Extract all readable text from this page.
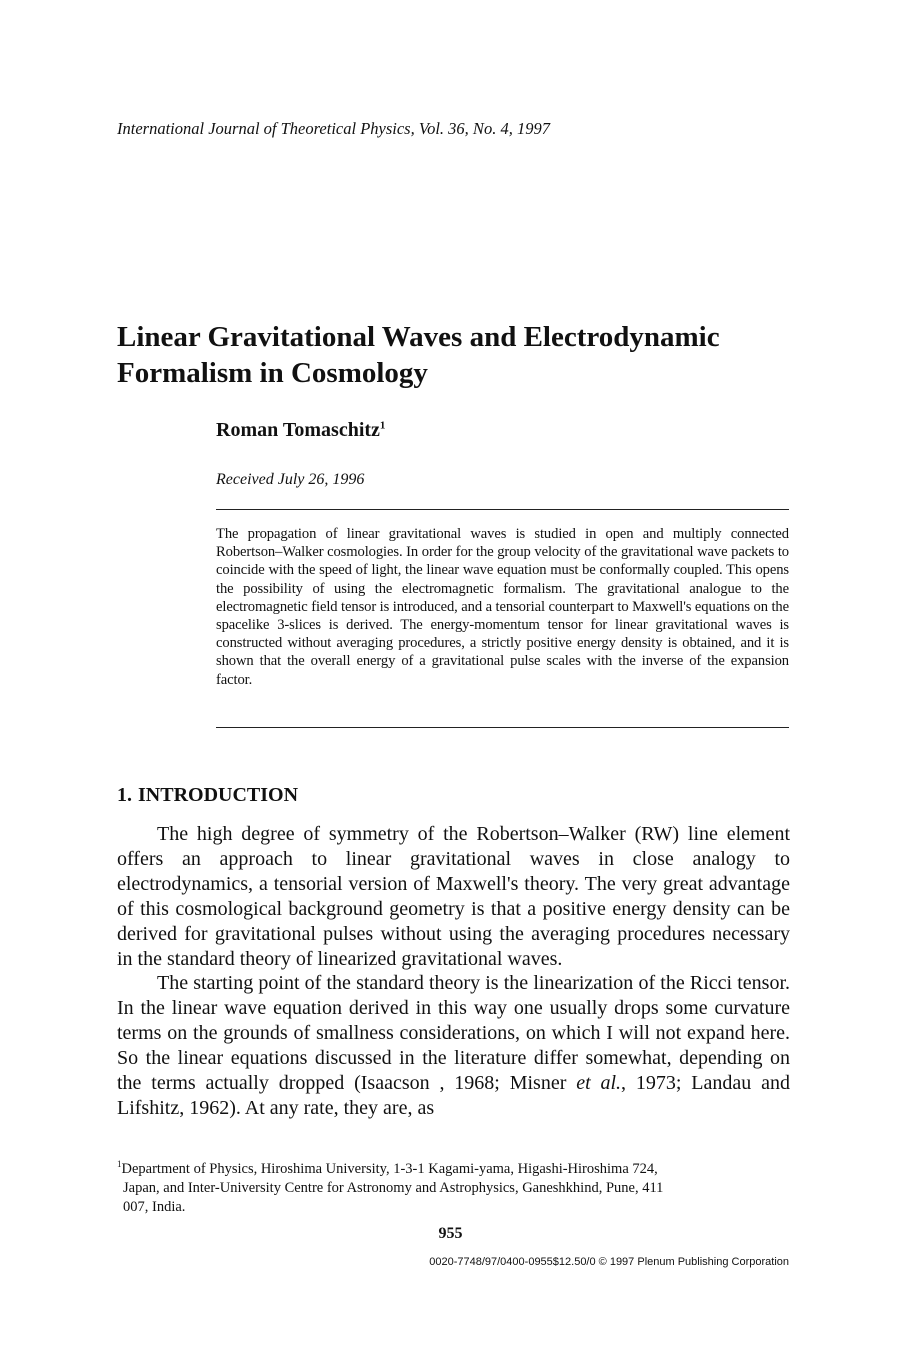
International Journal of Theoretical Physics, Vol. 36, No. 4, 1997
Linear Gravitational Waves and Electrodynamic
Formalism in Cosmology
Roman Tomaschitz$^1$
Received July 26, 1996
The propagation of linear gravitational waves is studied in open and multiply connected Robertson–Walker cosmologies. In order for the group velocity of the gravitational wave packets to coincide with the speed of light, the linear wave equation must be conformally coupled. This opens the possibility of using the electromagnetic formalism. The gravitational analogue to the electromagnetic field tensor is introduced, and a tensorial counterpart to Maxwell's equations on the spacelike 3-slices is derived. The energy-momentum tensor for linear gravitational waves is constructed without averaging procedures, a strictly positive energy density is obtained, and it is shown that the overall energy of a gravitational pulse scales with the inverse of the expansion factor.
1. INTRODUCTION

The high degree of symmetry of the Robertson–Walker (RW) line element offers an approach to linear gravitational waves in close analogy to electrodynamics, a tensorial version of Maxwell's theory. The very great advantage of this cosmological background geometry is that a positive energy density can be derived for gravitational pulses without using the averaging procedures necessary in the standard theory of linearized gravitational waves.

The starting point of the standard theory is the linearization of the Ricci tensor. In the linear wave equation derived in this way one usually drops some curvature terms on the grounds of smallness considerations, on which I will not expand here. So the linear equations discussed in the literature differ somewhat, depending on the terms actually dropped (Isaacson , 1968; Misner et al., 1973; Landau and Lifshitz, 1962). At any rate, they are, as

$^1$Department of Physics, Hiroshima University, 1-3-1 Kagami-yama, Higashi-Hiroshima 724,
Japan, and Inter-University Centre for Astronomy and Astrophysics, Ganeshkhind, Pune, 411
007, India.
955
0020-7748/97/0400-0955$12.50/0 © 1997 Plenum Publishing Corporation
